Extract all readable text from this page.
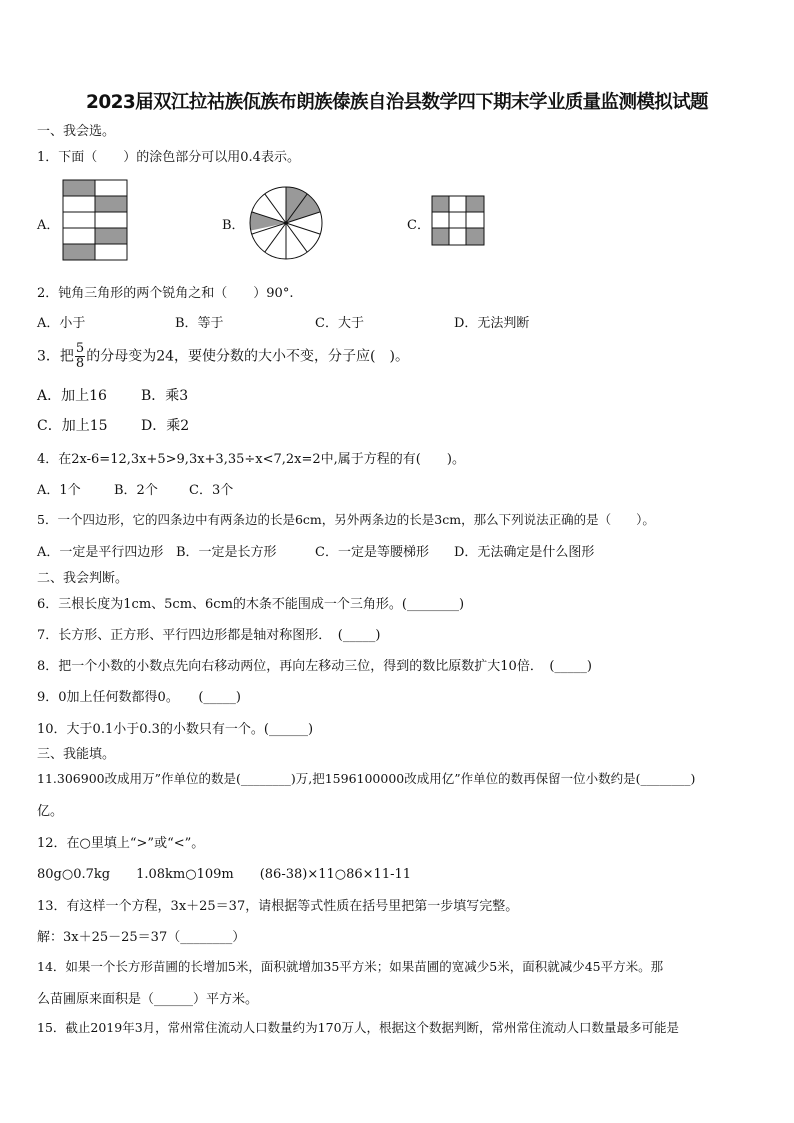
2023届双江拉祜族佤族布朗族傣族自治县数学四下期末学业质量监测模拟试题
一、我会选。
1．下面（　　）的涂色部分可以用0.4表示。
A．	B．	C．
2．钝角三角形的两个锐角之和（　　）90°.
A．小于	B．等于	C．大于	D．无法判断
3．把 $\frac{5}{8}$ 的分母变为24，要使分数的大小不变，分子应(　)。
A．加上16 B．乘3
C．加上15 D．乘2
4．在2x-6=12,3x+5>9,3x+3,35÷x<7,2x=2中,属于方程的有(　　)。
A．1个	B．2个 C．3个
5．一个四边形，它的四条边中有两条边的长是6cm，另外两条边的长是3cm，那么下列说法正确的是（　　）。
A．一定是平行四边形 B．一定是长方形	C．一定是等腰梯形 D．无法确定是什么图形
二、我会判断。
6．三根长度为1cm、5cm、6cm的木条不能围成一个三角形。(________)
7．长方形、正方形、平行四边形都是轴对称图形．　(_____)
8．把一个小数的小数点先向右移动两位，再向左移动三位，得到的数比原数扩大10倍．　(_____)
9．0加上任何数都得0。　　(_____)
10．大于0.1小于0.3的小数只有一个。(______)
三、我能填。
11.306900改成用万”作单位的数是(________)万,把1596100000改成用亿”作单位的数再保留一位小数约是(________)
亿。
12．在○里填上“>”或“<”。
80g○0.7kg　　1.08km○109m　　(86-38)×11○86×11-11
13．有这样一个方程，3x＋25＝37，请根据等式性质在括号里把第一步填写完整。
解：3x＋25－25＝37（________）
14．如果一个长方形苗圃的长增加5米，面积就增加35平方米；如果苗圃的宽减少5米，面积就减少45平方米。那
么苗圃原来面积是（______）平方米。
15．截止2019年3月，常州常住流动人口数量约为170万人，根据这个数据判断，常州常住流动人口数量最多可能是
